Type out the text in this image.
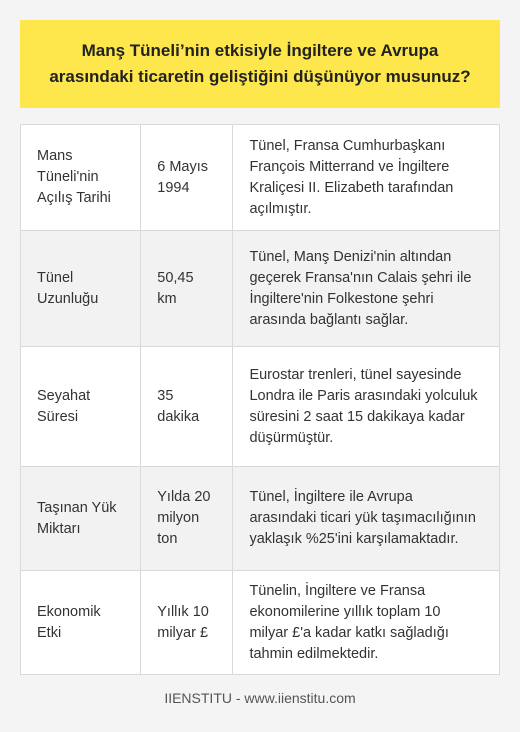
Manş Tüneli’nin etkisiyle İngiltere ve Avrupa arasındaki ticaretin geliştiğini düşünüyor musunuz?
Mans Tüneli'nin Açılış Tarihi	6 Mayıs 1994	Tünel, Fransa Cumhurbaşkanı François Mitterrand ve İngiltere Kraliçesi II. Elizabeth tarafından açılmıştır.
Tünel Uzunluğu	50,45 km	Tünel, Manş Denizi'nin altından geçerek Fransa'nın Calais şehri ile İngiltere'nin Folkestone şehri arasında bağlantı sağlar.
Seyahat Süresi	35 dakika	Eurostar trenleri, tünel sayesinde Londra ile Paris arasındaki yolculuk süresini 2 saat 15 dakikaya kadar düşürmüştür.
Taşınan Yük Miktarı	Yılda 20 milyon ton	Tünel, İngiltere ile Avrupa arasındaki ticari yük taşımacılığının yaklaşık %25'ini karşılamaktadır.
Ekonomik Etki	Yıllık 10 milyar £	Tünelin, İngiltere ve Fransa ekonomilerine yıllık toplam 10 milyar £'a kadar katkı sağladığı tahmin edilmektedir.
IIENSTITU - www.iienstitu.com
